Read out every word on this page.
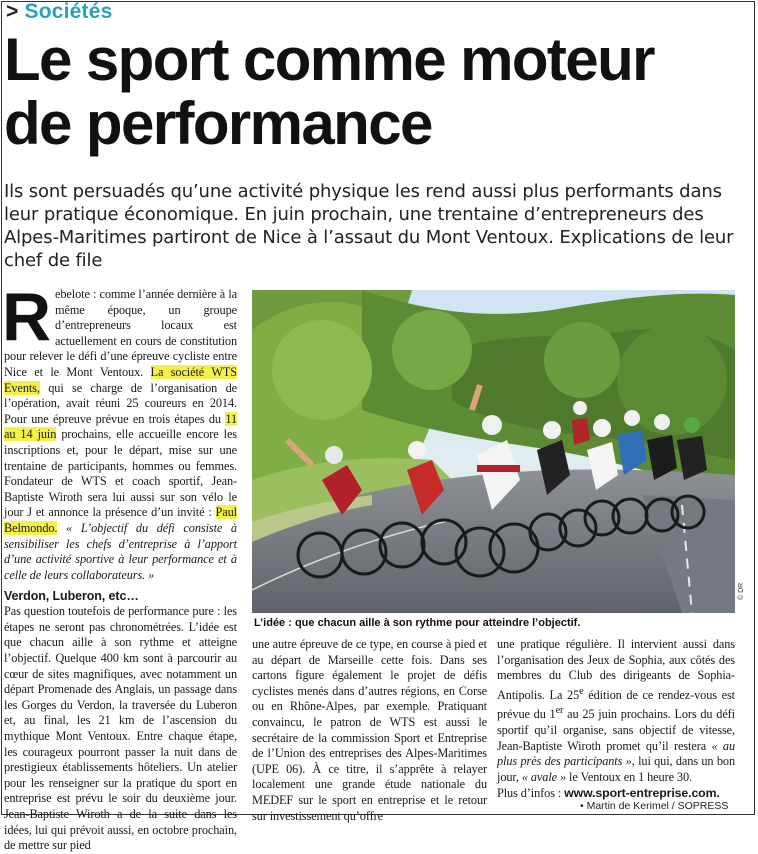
> Sociétés
Le sport comme moteur
de performance
Ils sont persuadés qu’une activité physique les rend aussi plus performants dans leur pratique économique. En juin prochain, une trentaine d’entrepreneurs des Alpes-Maritimes partiront de Nice à l’assaut du Mont Ventoux. Explications de leur chef de file
Rebelote : comme l’année dernière à la même époque, un groupe d’entrepreneurs locaux est actuellement en cours de constitution pour relever le défi d’une épreuve cycliste entre Nice et le Mont Ventoux. La société WTS Events, qui se charge de l’organisation de l’opération, avait réuni 25 coureurs en 2014. Pour une épreuve prévue en trois étapes du 11 au 14 juin prochains, elle accueille encore les inscriptions et, pour le départ, mise sur une trentaine de participants, hommes ou femmes. Fondateur de WTS et coach sportif, Jean-Baptiste Wiroth sera lui aussi sur son vélo le jour J et annonce la présence d’un invité : Paul Belmondo. « L’objectif du défi consiste à sensibiliser les chefs d’entreprise à l’apport d’une activité sportive à leur performance et à celle de leurs collaborateurs. »
Verdon, Luberon, etc…
Pas question toutefois de performance pure : les étapes ne seront pas chronométrées. L’idée est que chacun aille à son rythme et atteigne l’objectif. Quelque 400 km sont à parcourir au cœur de sites magnifiques, avec notamment un départ Promenade des Anglais, un passage dans les Gorges du Verdon, la traversée du Luberon et, au final, les 21 km de l’ascension du mythique Mont Ventoux. Entre chaque étape, les courageux pourront passer la nuit dans de prestigieux établissements hôteliers. Un atelier pour les renseigner sur la pratique du sport en entreprise est prévu le soir du deuxième jour. Jean-Baptiste Wiroth a de la suite dans les idées, lui qui prévoit aussi, en octobre prochain, de mettre sur pied
© DR
L’idée : que chacun aille à son rythme pour atteindre l’objectif.
une autre épreuve de ce type, en course à pied et au départ de Marseille cette fois. Dans ses cartons figure également le projet de défis cyclistes menés dans d’autres régions, en Corse ou en Rhône-Alpes, par exemple. Pratiquant convaincu, le patron de WTS est aussi le secrétaire de la commission Sport et Entreprise de l’Union des entreprises des Alpes-Maritimes (UPE 06). À ce titre, il s’apprête à relayer localement une grande étude nationale du MEDEF sur le sport en entreprise et le retour sur investissement qu’offre
une pratique régulière. Il intervient aussi dans l’organisation des Jeux de Sophia, aux côtés des membres du Club des dirigeants de Sophia-Antipolis. La 25e édition de ce rendez-vous est prévue du 1er au 25 juin prochains. Lors du défi sportif qu’il organise, sans objectif de vitesse, Jean-Baptiste Wiroth promet qu’il restera « au plus près des participants », lui qui, dans un bon jour, « avale » le Ventoux en 1 heure 30.
Plus d’infos : www.sport-entreprise.com.
• Martin de Kerimel / SOPRESS
